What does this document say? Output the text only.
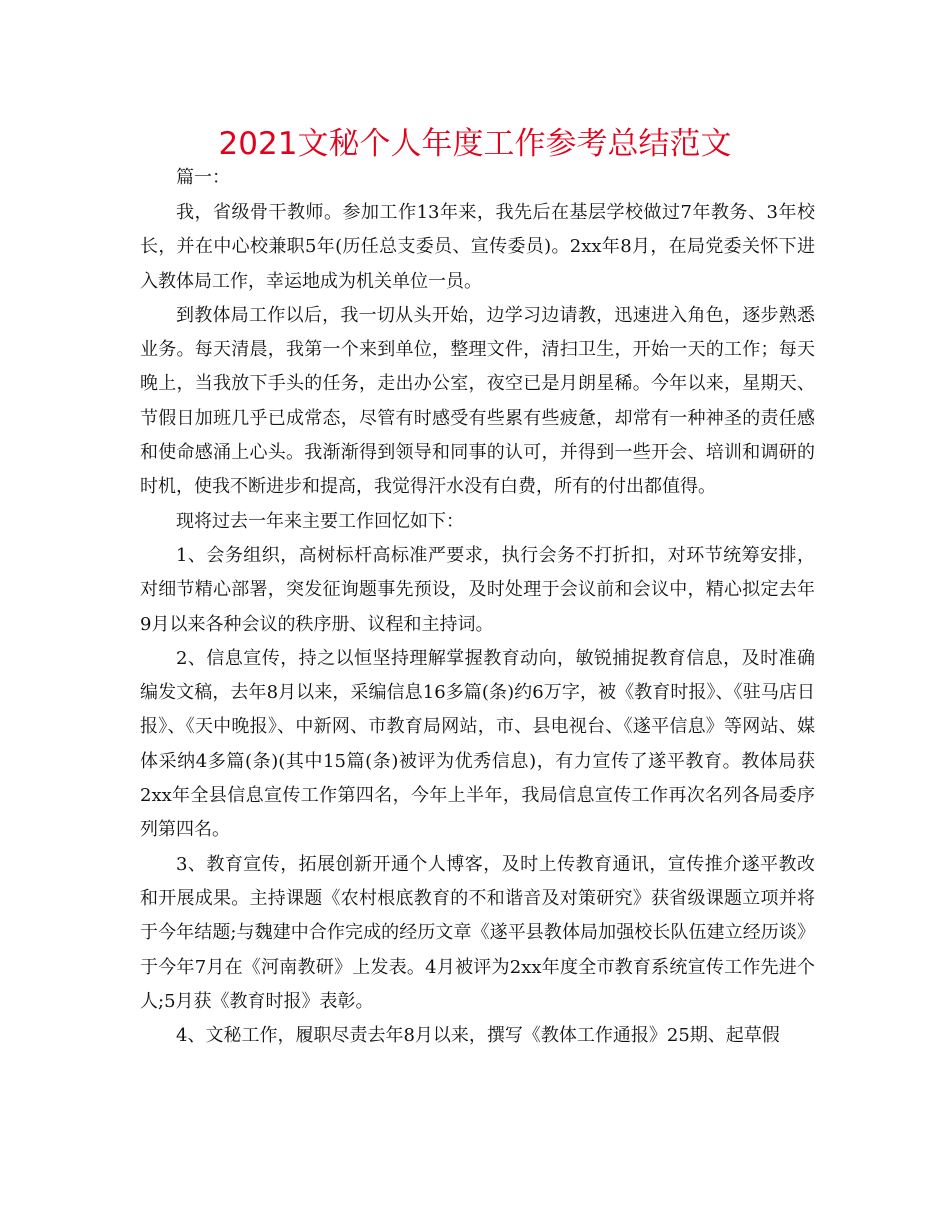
2021文秘个人年度工作参考总结范文

篇一：

我，省级骨干教师。参加工作13年来，我先后在基层学校做过7年教务、3年校长，并在中心校兼职5年(历任总支委员、宣传委员)。2xx年8月，在局党委关怀下进入教体局工作，幸运地成为机关单位一员。

到教体局工作以后，我一切从头开始，边学习边请教，迅速进入角色，逐步熟悉业务。每天清晨，我第一个来到单位，整理文件，清扫卫生，开始一天的工作；每天晚上，当我放下手头的任务，走出办公室，夜空已是月朗星稀。今年以来，星期天、节假日加班几乎已成常态，尽管有时感受有些累有些疲惫，却常有一种神圣的责任感和使命感涌上心头。我渐渐得到领导和同事的认可，并得到一些开会、培训和调研的时机，使我不断进步和提高，我觉得汗水没有白费，所有的付出都值得。

现将过去一年来主要工作回忆如下：

1、会务组织，高树标杆高标准严要求，执行会务不打折扣，对环节统筹安排，对细节精心部署，突发征询题事先预设，及时处理于会议前和会议中，精心拟定去年9月以来各种会议的秩序册、议程和主持词。

2、信息宣传，持之以恒坚持理解掌握教育动向，敏锐捕捉教育信息，及时准确编发文稿，去年8月以来，采编信息16多篇(条)约6万字，被《教育时报》、《驻马店日报》、《天中晚报》、中新网、市教育局网站，市、县电视台、《遂平信息》等网站、媒体采纳4多篇(条)(其中15篇(条)被评为优秀信息)，有力宣传了遂平教育。教体局获2xx年全县信息宣传工作第四名，今年上半年，我局信息宣传工作再次名列各局委序列第四名。

3、教育宣传，拓展创新开通个人博客，及时上传教育通讯，宣传推介遂平教改和开展成果。主持课题《农村根底教育的不和谐音及对策研究》获省级课题立项并将于今年结题;与魏建中合作完成的经历文章《遂平县教体局加强校长队伍建立经历谈》于今年7月在《河南教研》上发表。4月被评为2xx年度全市教育系统宣传工作先进个人;5月获《教育时报》表彰。

4、文秘工作，履职尽责去年8月以来，撰写《教体工作通报》25期、起草假
